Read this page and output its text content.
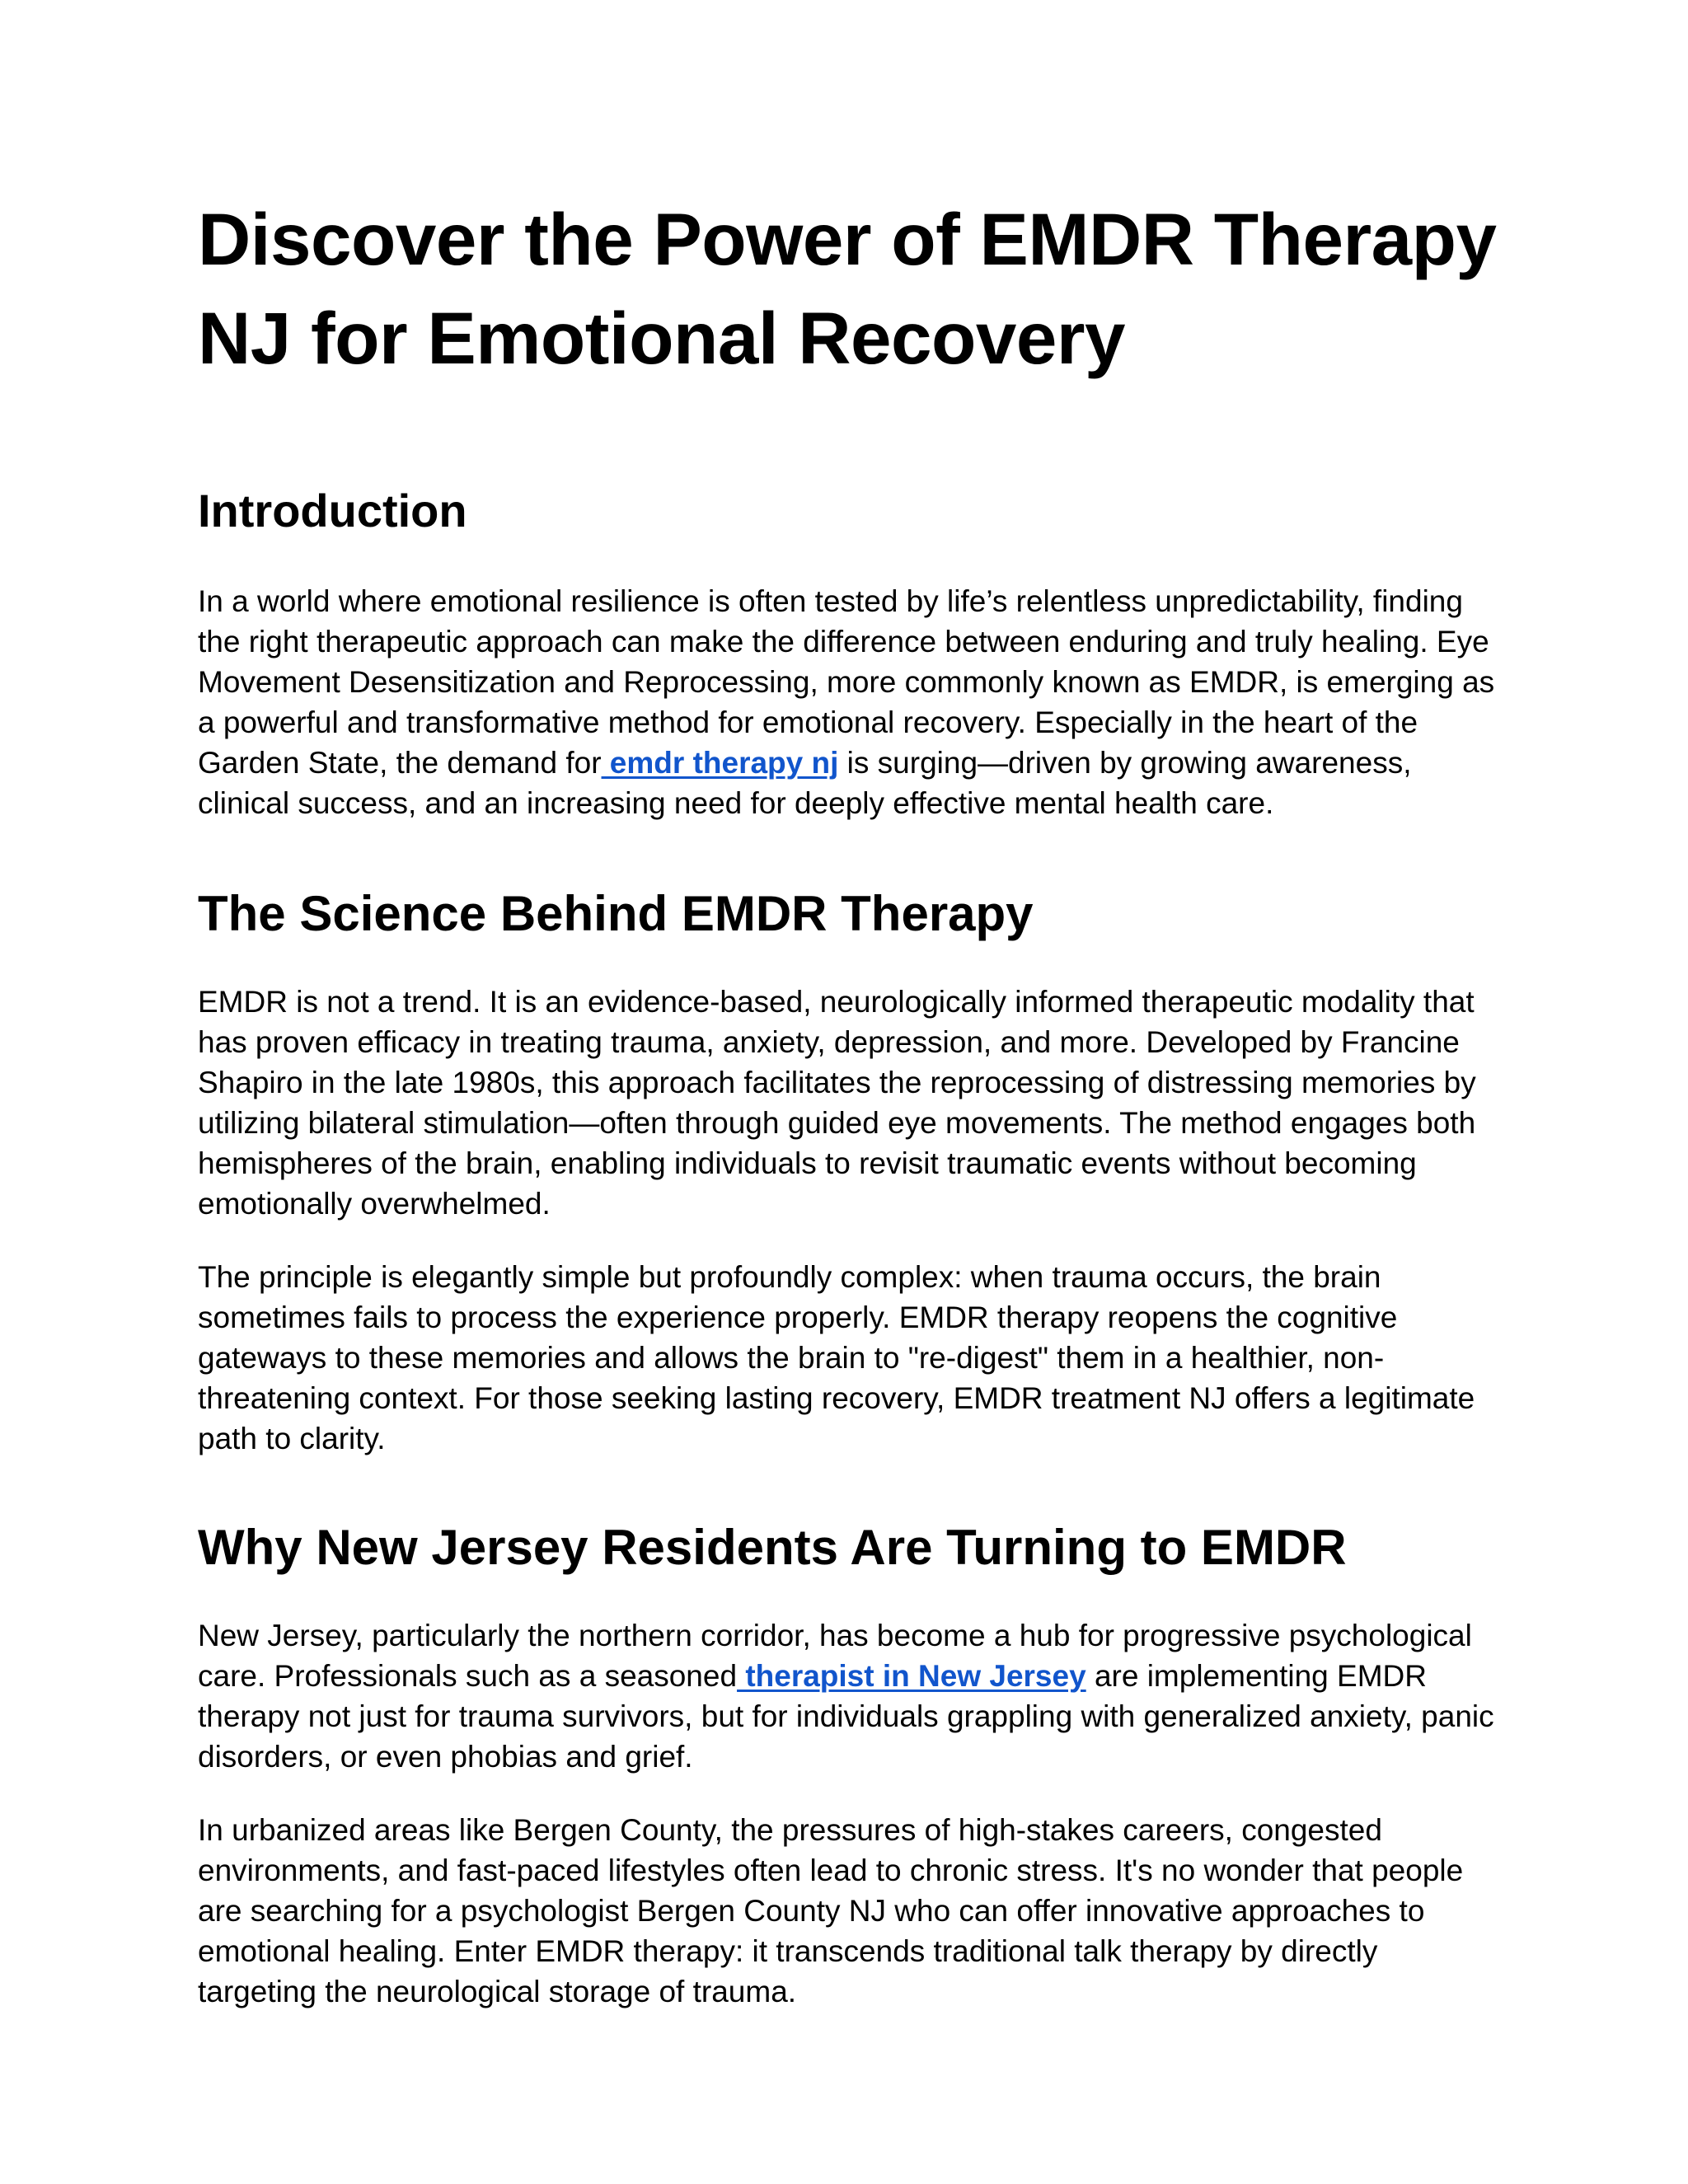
Discover the Power of EMDR Therapy NJ for Emotional Recovery
Introduction

In a world where emotional resilience is often tested by life’s relentless unpredictability, finding the right therapeutic approach can make the difference between enduring and truly healing. Eye Movement Desensitization and Reprocessing, more commonly known as EMDR, is emerging as a powerful and transformative method for emotional recovery. Especially in the heart of the Garden State, the demand for emdr therapy nj is surging—driven by growing awareness, clinical success, and an increasing need for deeply effective mental health care.

The Science Behind EMDR Therapy

EMDR is not a trend. It is an evidence-based, neurologically informed therapeutic modality that has proven efficacy in treating trauma, anxiety, depression, and more. Developed by Francine Shapiro in the late 1980s, this approach facilitates the reprocessing of distressing memories by utilizing bilateral stimulation—often through guided eye movements. The method engages both hemispheres of the brain, enabling individuals to revisit traumatic events without becoming emotionally overwhelmed.

The principle is elegantly simple but profoundly complex: when trauma occurs, the brain sometimes fails to process the experience properly. EMDR therapy reopens the cognitive gateways to these memories and allows the brain to "re-digest" them in a healthier, non-threatening context. For those seeking lasting recovery, EMDR treatment NJ offers a legitimate path to clarity.

Why New Jersey Residents Are Turning to EMDR

New Jersey, particularly the northern corridor, has become a hub for progressive psychological care. Professionals such as a seasoned therapist in New Jersey are implementing EMDR therapy not just for trauma survivors, but for individuals grappling with generalized anxiety, panic disorders, or even phobias and grief.

In urbanized areas like Bergen County, the pressures of high-stakes careers, congested environments, and fast-paced lifestyles often lead to chronic stress. It's no wonder that people are searching for a psychologist Bergen County NJ who can offer innovative approaches to emotional healing. Enter EMDR therapy: it transcends traditional talk therapy by directly targeting the neurological storage of trauma.
